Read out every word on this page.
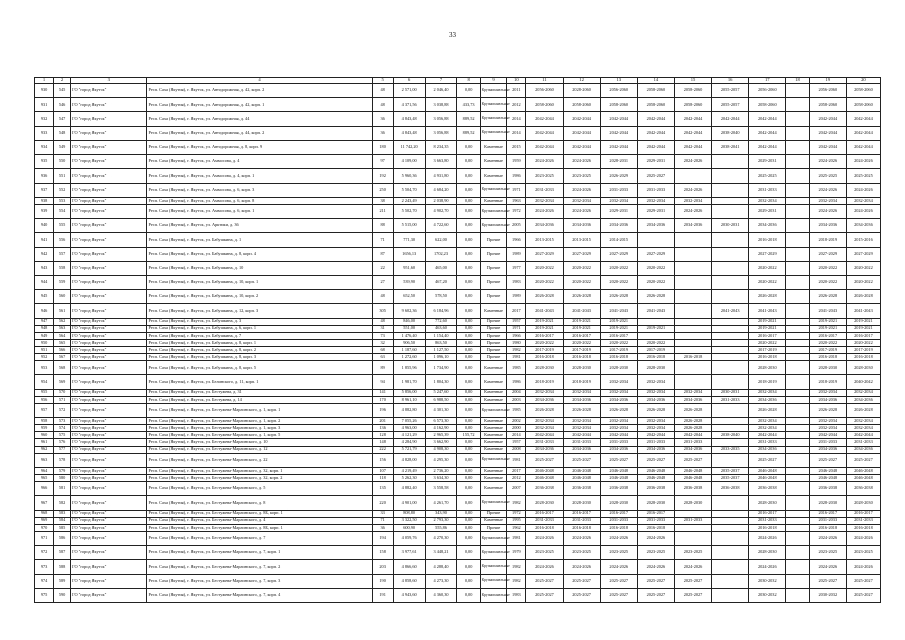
33
1	2	3	4	5	6	7	8	9	10	11	12	13	14	15	16	17	18	19	20
930	545	ГО "город Якутск"	Респ. Саха (Якутия), г. Якутск, ул. Автодорожная, д. 42, корп. 2	48	2 571,00	2 046,40	0,00	Крупнопанельные	2011	2056-2060	2028-2060	2056-2060	2058-2060	2058-2060	2055-2057	2056-2060		2056-2060	2058-2060
931	546	ГО "город Якутск"	Респ. Саха (Якутия), г. Якутск, ул. Автодорожная, д. 42, корп. 1	48	4 371,56	3 038,88	433,73	Крупнопанельные	2012	2058-2060	2058-2060	2058-2060	2058-2060	2058-2060	2055-2057	2058-2060		2058-2060	2058-2060
932	547	ГО "город Якутск"	Респ. Саха (Якутия), г. Якутск, ул. Автодорожная, д. 44	36	4 843,48	3 056,88	889,52	Крупнопанельные	2014	2042-2044	2042-2044	2042-2044	2042-2044	2042-2044	2042-2044	2042-2044		2042-2044	2042-2044
933	548	ГО "город Якутск"	Респ. Саха (Якутия), г. Якутск, ул. Автодорожная, д. 44, корп. 2	36	4 843,48	3 056,88	889,52	Крупнопанельные	2014	2042-2044	2042-2044	2042-2044	2042-2044	2042-2044	2038-2040	2042-2044		2042-2044	2042-2044
934	549	ГО "город Якутск"	Респ. Саха (Якутия), г. Якутск, ул. Автодорожная, д. 8, корп. 9	180	11 742,20	8 234,35	0,00	Каменные	2015	2042-2044	2042-2044	2042-2044	2042-2044	2042-2044	2038-2041	2042-2044		2042-2044	2042-2044
935	550	ГО "город Якутск"	Респ. Саха (Якутия), г. Якутск, ул. Аммосова, д. 4	97	4 109,00	3 663,80	0,00	Каменные	1959	2024-2026	2024-2026	2028-2031	2029-2031	2024-2026		2029-2031		2024-2026	2024-2026
936	551	ГО "город Якутск"	Респ. Саха (Якутия), г. Якутск, ул. Аммосова, д. 4, корп. 1	192	5 960,36	4 931,80	0,00	Каменные	1986	2023-2025	2023-2025	2026-2029	2025-2027			2025-2025		2025-2025	2025-2025
937	552	ГО "город Якутск"	Респ. Саха (Якутия), г. Якутск, ул. Аммосова, д. 6, корп. 3	250	5 504,70	4 684,20	0,00	Крупнопанельные	1971	2031-2033	2024-2026	2031-2033	2031-2033	2024-2026		2031-2033		2024-2026	2024-2026
938	553	ГО "город Якутск"	Респ. Саха (Якутия), г. Якутск, ул. Аммосова, д. 6, корп. 8	38	2 243,49	2 038,90	0,00	Каменные	1963	2032-2034	2032-2034	2032-2034	2032-2034	2032-2034		2032-2034		2032-2034	2032-2034
939	554	ГО "город Якутск"	Респ. Саха (Якутия), г. Якутск, ул. Аммосова, д. 6, корп. 1	211	5 502,70	4 902,70	0,00	Крупнопанельные	1972	2024-2026	2024-2026	2029-2031	2029-2031	2024-2026		2029-2031		2024-2026	2024-2026
940	555	ГО "город Якутск"	Респ. Саха (Якутия), г. Якутск, ул. Арктики, д. 36	88	5 515,00	4 722,60	0,00	Крупнопанельные	2005	2034-2036	2034-2036	2034-2036	2034-2036	2034-2036	2030-2031	2034-2036		2034-2036	2034-2036
941	556	ГО "город Якутск"	Респ. Саха (Якутия), г. Якутск, ул. Бабушкина, д. 1	71	771,30	622,00	0,00	Прочие	1966	2013-2015	2013-2015	2014-2015				2016-2018		2018-2019	2015-2016
942	557	ГО "город Якутск"	Респ. Саха (Якутия), г. Якутск, ул. Бабушкина, д. 8, корп. 4	87	1656,13	1702,23	0,00	Прочие	1989	2027-2029	2027-2029	2027-2029	2027-2029			2027-2029		2027-2029	2027-2029
943	558	ГО "город Якутск"	Респ. Саха (Якутия), г. Якутск, ул. Бабушкина, д. 10	22	951,60	465,00	0,00	Прочие	1977	2020-2022	2020-2022	2020-2022	2020-2022			2020-2022		2020-2022	2020-2022
944	559	ГО "город Якутск"	Респ. Саха (Якутия), г. Якутск, ул. Бабушкина, д. 10, корп. 1	27	539,90	467,20	0,00	Прочие	1983	2020-2022	2020-2022	2020-2022	2020-2022			2020-2022		2020-2022	2020-2022
945	560	ГО "город Якутск"	Респ. Саха (Якутия), г. Якутск, ул. Бабушкина, д. 10, корп. 2	48	652,50	578,50	0,00	Прочие	1989	2026-2028	2026-2028	2026-2028	2026-2028			2026-2028		2026-2028	2026-2028
946	561	ГО "город Якутск"	Респ. Саха (Якутия), г. Якутск, ул. Бабушкина, д. 12, корп. 3	305	9 602,36	6 184,96	0,00	Каменные	2017	2041-2043	2041-2043	2041-2043	2041-2043		2041-2043	2041-2043		2041-2043	2041-2043
947	562	ГО "город Якутск"	Респ. Саха (Якутия), г. Якутск, ул. Бабушкина, д. 3	48	846,00	772,60	0,00	Прочие	1957	2019-2021	2019-2021	2019-2021				2019-2021		2019-2021	2019-2021
948	563	ГО "город Якутск"	Респ. Саха (Якутия), г. Якутск, ул. Бабушкина, д. 6, корп. 1	31	551,00	463,60	0,00	Прочие	1971	2019-2021	2019-2021	2019-2021	2019-2021			2019-2021		2019-2021	2019-2021
949	564	ГО "город Якутск"	Респ. Саха (Якутия), г. Якутск, ул. Бабушкина, д. 7	73	1 476,40	1 154,40	0,00	Прочие	1966	2016-2017	2016-2017	2016-2017				2016-2017		2016-2017	2016-2017
950	565	ГО "город Якутск"	Респ. Саха (Якутия), г. Якутск, ул. Бабушкина, д. 8, корп. 1	32	906,50	863,50	0,00	Прочие	1980	2020-2022	2020-2022	2020-2022	2020-2022			2020-2022		2020-2022	2020-2022
951	566	ГО "город Якутск"	Респ. Саха (Якутия), г. Якутск, ул. Бабушкина, д. 8, корп. 2	68	1 187,60	1 127,50	0,00	Прочие	1982	2017-2019	2017-2019	2017-2019	2017-2019			2017-2019		2017-2019	2017-2019
952	567	ГО "город Якутск"	Респ. Саха (Якутия), г. Якутск, ул. Бабушкина, д. 8, корп. 3	63	1 272,60	1 096,10	0,00	Прочие	1981	2016-2018	2016-2018	2016-2018	2016-2018	2016-2018		2016-2018		2016-2018	2016-2018
953	568	ГО "город Якутск"	Респ. Саха (Якутия), г. Якутск, ул. Бабушкина, д. 8, корп. 5	89	1 855,96	1 734,90	0,00	Каменные	1985	2028-2030	2028-2030	2028-2030	2028-2030			2028-2030		2028-2030	2028-2030
954	569	ГО "город Якутск"	Респ. Саха (Якутия), г. Якутск, ул. Белинского, д. 11, корп. 1	94	1 981,70	1 804,30	0,00	Каменные	1986	2018-2019	2018-2019	2032-2034	2032-2034			2018-2019		2018-2019	2040-2042
955	570	ГО "город Якутск"	Респ. Саха (Якутия), г. Якутск, ул. Бестужева, д. 31	141	5 856,00	5 247,60	0,00	Каменные	2004	2032-2034	2032-2034	2032-2034	2032-2034	2032-2034	2030-2031	2032-2034		2032-2034	2032-2034
956	571	ГО "город Якутск"	Респ. Саха (Якутия), г. Якутск, ул. Бестужева, д. 14	170	8 961,10	6 988,50	0,00	Каменные	2003	2034-2036	2034-2036	2034-2036	2034-2036	2034-2036	2031-2033	2034-2036		2034-2036	2034-2036
957	572	ГО "город Якутск"	Респ. Саха (Якутия), г. Якутск, ул. Бестужева-Марлинского, д. 1, корп. 1	196	4 882,80	4 301,30	0,00	Крупнопанельные	1985	2026-2028	2026-2028	2026-2028	2026-2028	2026-2028		2026-2028		2026-2028	2026-2028
958	573	ГО "город Якутск"	Респ. Саха (Якутия), г. Якутск, ул. Бестужева-Марлинского, д. 1, корп. 2	201	7 055,26	6 573,30	0,00	Каменные	2002	2032-2034	2032-2034	2032-2034	2032-2034	2026-2028		2032-2034		2032-2034	2032-2034
959	574	ГО "город Якутск"	Респ. Саха (Якутия), г. Якутск, ул. Бестужева-Марлинского, д. 1, корп. 3	136	4 963,00	4 162,90	0,00	Каменные	2000	2032-2034	2032-2034	2032-2034	2032-2034	2026-2028		2032-2034		2032-2034	2032-2034
960	575	ГО "город Якутск"	Респ. Саха (Якутия), г. Якутск, ул. Бестужева-Марлинского, д. 1, корп. 5	128	4 121,29	2 965,39	155,72	Каменные	2014	2042-2044	2042-2044	2042-2044	2042-2044	2042-2044	2038-2040	2042-2044		2042-2044	2042-2044
961	576	ГО "город Якутск"	Респ. Саха (Якутия), г. Якутск, ул. Бестужева-Марлинского, д. 10	148	4 284,90	3 662,90	0,00	Каменные	1957	2031-2033	2031-2033	2031-2033	2031-2033	2031-2033		2031-2033		2031-2033	2031-2033
962	577	ГО "город Якутск"	Респ. Саха (Якутия), г. Якутск, ул. Бестужева-Марлинского, д. 12	222	5 721,79	4 908,30	0,00	Каменные	2008	2034-2036	2034-2036	2034-2036	2034-2036	2034-2036	2033-2035	2034-2036		2034-2036	2034-2036
963	578	ГО "город Якутск"	Респ. Саха (Якутия), г. Якутск, ул. Бестужева-Марлинского, д. 22	156	4 828,00	4 295,30	0,00	Крупнопанельные	1981	2025-2027	2025-2027	2025-2027	2025-2027	2025-2027		2025-2027		2025-2027	2025-2027
964	579	ГО "город Якутск"	Респ. Саха (Якутия), г. Якутск, ул. Бестужева-Марлинского, д. 32, корп. 1	107	4 219,49	2 736,20	0,00	Каменные	2017	2046-2048	2046-2048	2046-2048	2046-2048	2046-2048	2035-2037	2046-2048		2046-2048	2046-2048
965	580	ГО "город Якутск"	Респ. Саха (Якутия), г. Якутск, ул. Бестужева-Марлинского, д. 32, корп. 2	118	5 262,30	3 634,30	0,00	Каменные	2012	2046-2048	2046-2048	2046-2048	2046-2048	2046-2048	2035-2037	2046-2048		2046-2048	2046-2048
966	581	ГО "город Якутск"	Респ. Саха (Якутия), г. Якутск, ул. Бестужева-Марлинского, д. 5	135	4 882,40	3 558,58	0,00	Каменные	2007	2036-2038	2036-2038	2036-2038	2036-2038	2036-2038	2036-2038	2036-2038		2036-2038	2036-2038
967	582	ГО "город Якутск"	Респ. Саха (Якутия), г. Якутск, ул. Бестужева-Марлинского, д. 8	220	4 901,00	4 261,70	0,00	Крупнопанельные	1982	2028-2030	2028-2030	2028-2030	2028-2030	2028-2030		2028-2030		2028-2030	2028-2030
968	583	ГО "город Якутск"	Респ. Саха (Якутия), г. Якутск, ул. Бестужева-Марлинского, д. 8Б, корп. 1	33	808,80	343,90	0,00	Прочие	1972	2016-2017	2016-2017	2016-2017	2016-2017			2016-2017		2016-2017	2016-2017
969	584	ГО "город Якутск"	Респ. Саха (Якутия), г. Якутск, ул. Бестужева-Марлинского, д. 4	71	3 322,50	2 793,30	0,00	Каменные	1995	2031-2033	2031-2033	2031-2033	2031-2033	2031-2033		2031-2033		2031-2033	2031-2033
970	585	ГО "город Якутск"	Респ. Саха (Якутия), г. Якутск, ул. Бестужева-Марлинского, д. 8Б, корп. 1	36	600,90	555,86	0,00	Прочие	1962	2016-2018	2016-2018	2016-2018	2016-2018			2016-2018		2016-2018	2016-2018
971	586	ГО "город Якутск"	Респ. Саха (Якутия), г. Якутск, ул. Бестужева-Марлинского, д. 7	194	4 059,76	4 270,30	0,00	Крупнопанельные	1981	2024-2026	2024-2026	2024-2026	2024-2026			2024-2026		2024-2026	2024-2026
972	587	ГО "город Якутск"	Респ. Саха (Якутия), г. Якутск, ул. Бестужева-Марлинского, д. 7, корп. 1	158	3 977,61	3 448,21	0,00	Крупнопанельные	1979	2023-2025	2023-2025	2023-2025	2023-2025	2023-2025		2028-2030		2023-2025	2023-2025
973	588	ГО "город Якутск"	Респ. Саха (Якутия), г. Якутск, ул. Бестужева-Марлинского, д. 7, корп. 2	203	4 866,60	4 288,40	0,00	Крупнопанельные	1982	2024-2026	2024-2026	2024-2026	2024-2026	2024-2026		2024-2026		2024-2026	2024-2026
974	589	ГО "город Якутск"	Респ. Саха (Якутия), г. Якутск, ул. Бестужева-Марлинского, д. 7, корп. 3	190	4 858,60	4 273,30	0,00	Крупнопанельные	1982	2025-2027	2025-2027	2025-2027	2025-2027	2025-2027		2030-2032		2025-2027	2025-2027
975	590	ГО "город Якутск"	Респ. Саха (Якутия), г. Якутск, ул. Бестужева-Марлинского, д. 7, корп. 4	191	4 943,60	4 360,30	0,00	Крупнопанельные	1983	2025-2027	2025-2027	2025-2027	2025-2027	2025-2027		2030-2032		2030-2032	2025-2027
